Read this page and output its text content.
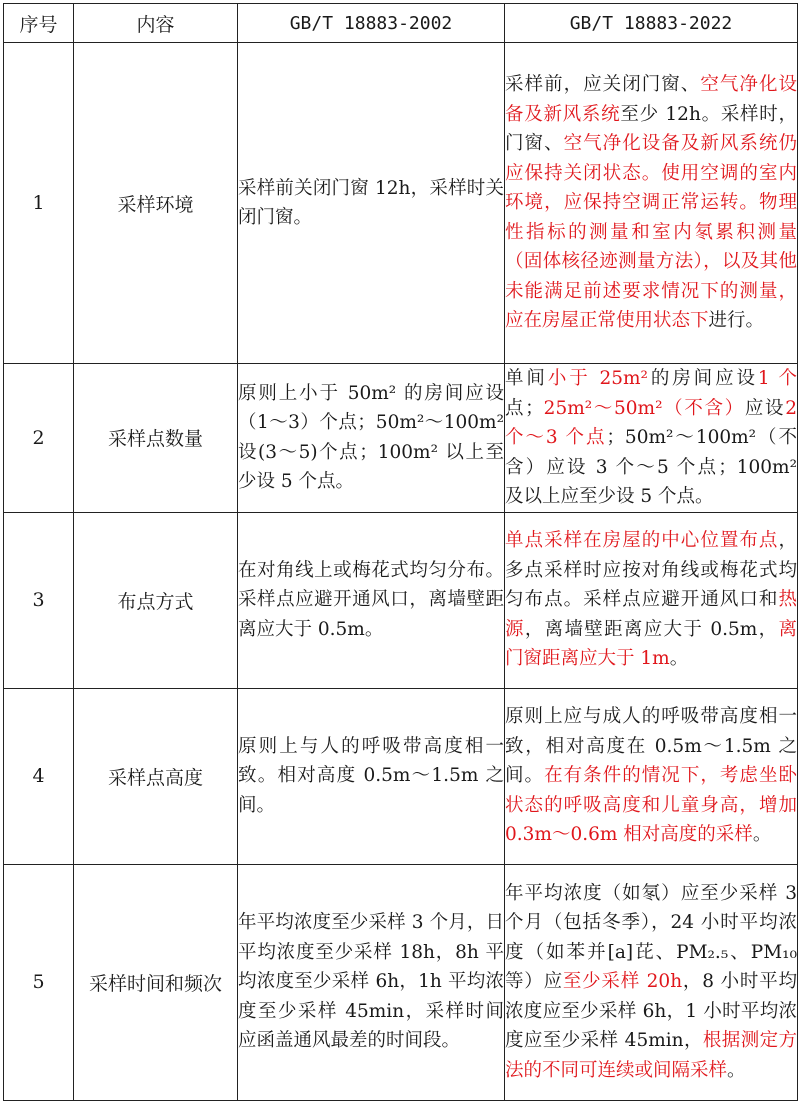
序号	内容	GB/T 18883-2002	GB/T 18883-2022
1	采样环境	采样前关闭门窗 12h，采样时关闭门窗。	采样前，应关闭门窗、空气净化设备及新风系统至少 12h。采样时，门窗、空气净化设备及新风系统仍应保持关闭状态。使用空调的室内环境，应保持空调正常运转。物理性指标的测量和室内氡累积测量（固体核径迹测量方法），以及其他未能满足前述要求情况下的测量，应在房屋正常使用状态下进行。
2	采样点数量	原则上小于 50m² 的房间应设（1～3）个点；50m²～100m² 设(3～5)个点；100m² 以上至少设 5 个点。	单间小于 25m²的房间应设1 个点；25m²～50m²（不含）应设2 个～3 个点；50m²～100m²（不含）应设 3 个～5 个点；100m² 及以上应至少设 5 个点。
3	布点方式	在对角线上或梅花式均匀分布。采样点应避开通风口，离墙壁距离应大于 0.5m。	单点采样在房屋的中心位置布点，多点采样时应按对角线或梅花式均匀布点。采样点应避开通风口和热源，离墙壁距离应大于 0.5m，离门窗距离应大于 1m。
4	采样点高度	原则上与人的呼吸带高度相一致。相对高度 0.5m～1.5m 之间。	原则上应与成人的呼吸带高度相一致，相对高度在 0.5m～1.5m 之间。在有条件的情况下，考虑坐卧状态的呼吸高度和儿童身高，增加 0.3m～0.6m 相对高度的采样。
5	采样时间和频次	年平均浓度至少采样 3 个月，日平均浓度至少采样 18h，8h 平均浓度至少采样 6h，1h 平均浓度至少采样 45min，采样时间应函盖通风最差的时间段。	年平均浓度（如氡）应至少采样 3 个月（包括冬季），24 小时平均浓度（如苯并[a]芘、PM₂.₅、PM₁₀ 等）应至少采样 20h，8 小时平均浓度应至少采样 6h，1 小时平均浓度应至少采样 45min，根据测定方法的不同可连续或间隔采样。
